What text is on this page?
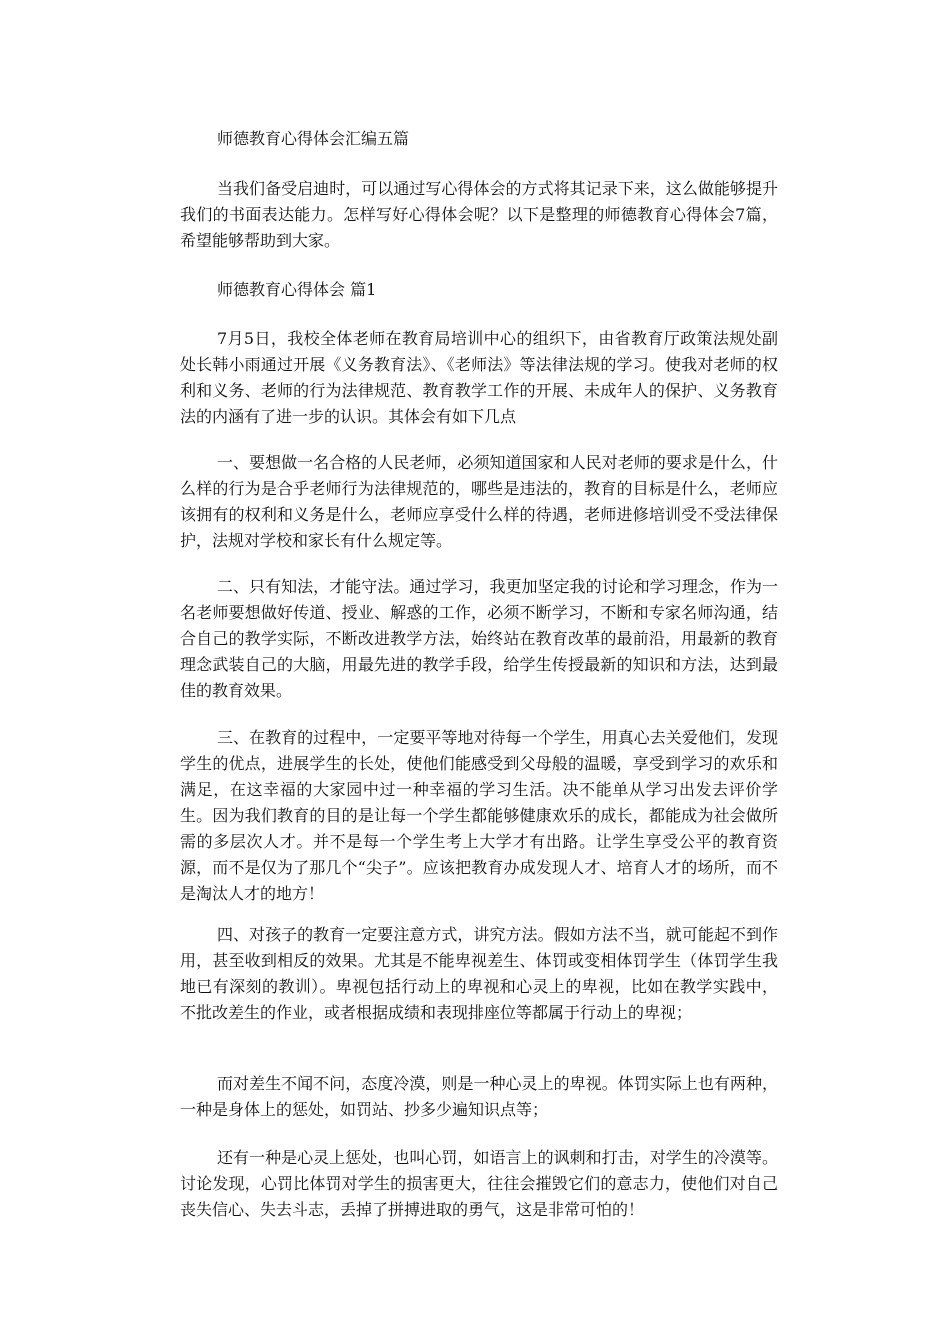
师德教育心得体会汇编五篇

当我们备受启迪时，可以通过写心得体会的方式将其记录下来，这么做能够提升我们的书面表达能力。怎样写好心得体会呢？以下是整理的师德教育心得体会7篇，希望能够帮助到大家。

师德教育心得体会 篇1

7月5日，我校全体老师在教育局培训中心的组织下，由省教育厅政策法规处副处长韩小雨通过开展《义务教育法》、《老师法》等法律法规的学习。使我对老师的权利和义务、老师的行为法律规范、教育教学工作的开展、未成年人的保护、义务教育法的内涵有了进一步的认识。其体会有如下几点

一、要想做一名合格的人民老师，必须知道国家和人民对老师的要求是什么，什么样的行为是合乎老师行为法律规范的，哪些是违法的，教育的目标是什么，老师应该拥有的权利和义务是什么，老师应享受什么样的待遇，老师进修培训受不受法律保护，法规对学校和家长有什么规定等。

二、只有知法，才能守法。通过学习，我更加坚定我的讨论和学习理念，作为一名老师要想做好传道、授业、解惑的工作，必须不断学习，不断和专家名师沟通，结合自己的教学实际，不断改进教学方法，始终站在教育改革的最前沿，用最新的教育理念武装自己的大脑，用最先进的教学手段，给学生传授最新的知识和方法，达到最佳的教育效果。

三、在教育的过程中，一定要平等地对待每一个学生，用真心去关爱他们，发现学生的优点，进展学生的长处，使他们能感受到父母般的温暖，享受到学习的欢乐和满足，在这幸福的大家园中过一种幸福的学习生活。决不能单从学习出发去评价学生。因为我们教育的目的是让每一个学生都能够健康欢乐的成长，都能成为社会做所需的多层次人才。并不是每一个学生考上大学才有出路。让学生享受公平的教育资源，而不是仅为了那几个“尖子”。应该把教育办成发现人才、培育人才的场所，而不是淘汰人才的地方！

四、对孩子的教育一定要注意方式，讲究方法。假如方法不当，就可能起不到作用，甚至收到相反的效果。尤其是不能卑视差生、体罚或变相体罚学生（体罚学生我地已有深刻的教训）。卑视包括行动上的卑视和心灵上的卑视，比如在教学实践中，不批改差生的作业，或者根据成绩和表现排座位等都属于行动上的卑视；

而对差生不闻不问，态度冷漠，则是一种心灵上的卑视。体罚实际上也有两种，一种是身体上的惩处，如罚站、抄多少遍知识点等；

还有一种是心灵上惩处，也叫心罚，如语言上的讽刺和打击，对学生的冷漠等。讨论发现，心罚比体罚对学生的损害更大，往往会摧毁它们的意志力，使他们对自己丧失信心、失去斗志，丢掉了拼搏进取的勇气，这是非常可怕的！
